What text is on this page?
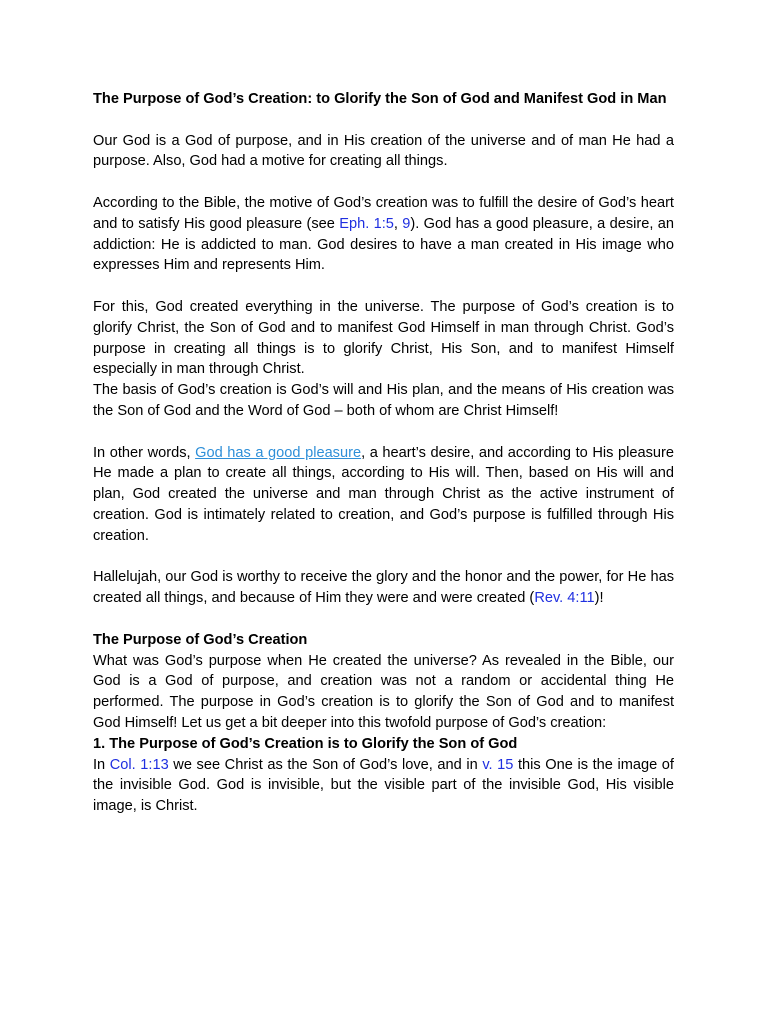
The Purpose of God’s Creation: to Glorify the Son of God and Manifest God in Man

Our God is a God of purpose, and in His creation of the universe and of man He had a purpose. Also, God had a motive for creating all things.

According to the Bible, the motive of God’s creation was to fulfill the desire of God’s heart and to satisfy His good pleasure (see Eph. 1:5, 9). God has a good pleasure, a desire, an addiction: He is addicted to man. God desires to have a man created in His image who expresses Him and represents Him.

For this, God created everything in the universe. The purpose of God’s creation is to glorify Christ, the Son of God and to manifest God Himself in man through Christ. God’s purpose in creating all things is to glorify Christ, His Son, and to manifest Himself especially in man through Christ.

The basis of God’s creation is God’s will and His plan, and the means of His creation was the Son of God and the Word of God – both of whom are Christ Himself!

In other words, God has a good pleasure, a heart’s desire, and according to His pleasure He made a plan to create all things, according to His will. Then, based on His will and plan, God created the universe and man through Christ as the active instrument of creation. God is intimately related to creation, and God’s purpose is fulfilled through His creation.

Hallelujah, our God is worthy to receive the glory and the honor and the power, for He has created all things, and because of Him they were and were created (Rev. 4:11)!

The Purpose of God’s Creation

What was God’s purpose when He created the universe? As revealed in the Bible, our God is a God of purpose, and creation was not a random or accidental thing He performed. The purpose in God’s creation is to glorify the Son of God and to manifest God Himself! Let us get a bit deeper into this twofold purpose of God’s creation:

1. The Purpose of God’s Creation is to Glorify the Son of God

In Col. 1:13 we see Christ as the Son of God’s love, and in v. 15 this One is the image of the invisible God. God is invisible, but the visible part of the invisible God, His visible image, is Christ.
